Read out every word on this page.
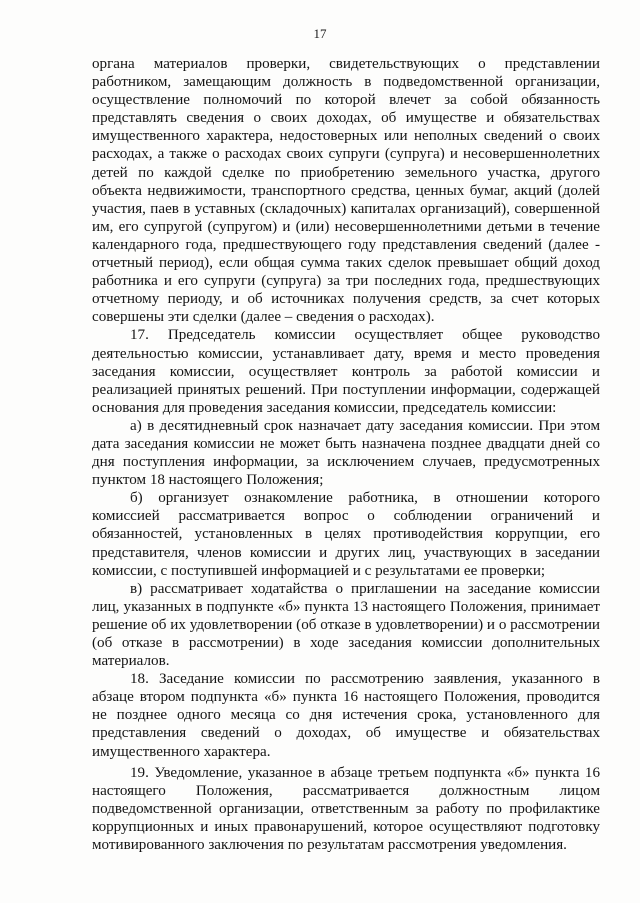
17

органа материалов проверки, свидетельствующих о представлении работником, замещающим должность в подведомственной организации, осуществление полномочий по которой влечет за собой обязанность представлять сведения о своих доходах, об имуществе и обязательствах имущественного характера, недостоверных или неполных сведений о своих расходах, а также о расходах своих супруги (супруга) и несовершеннолетних детей по каждой сделке по приобретению земельного участка, другого объекта недвижимости, транспортного средства, ценных бумаг, акций (долей участия, паев в уставных (складочных) капиталах организаций), совершенной им, его супругой (супругом) и (или) несовершеннолетними детьми в течение календарного года, предшествующего году представления сведений (далее - отчетный период), если общая сумма таких сделок превышает общий доход работника и его супруги (супруга) за три последних года, предшествующих отчетному периоду, и об источниках получения средств, за счет которых совершены эти сделки (далее – сведения о расходах).

17. Председатель комиссии осуществляет общее руководство деятельностью комиссии, устанавливает дату, время и место проведения заседания комиссии, осуществляет контроль за работой комиссии и реализацией принятых решений. При поступлении информации, содержащей основания для проведения заседания комиссии, председатель комиссии:

а) в десятидневный срок назначает дату заседания комиссии. При этом дата заседания комиссии не может быть назначена позднее двадцати дней со дня поступления информации, за исключением случаев, предусмотренных пунктом 18 настоящего Положения;

б) организует ознакомление работника, в отношении которого комиссией рассматривается вопрос о соблюдении ограничений и обязанностей, установленных в целях противодействия коррупции, его представителя, членов комиссии и других лиц, участвующих в заседании комиссии, с поступившей информацией и с результатами ее проверки;

в) рассматривает ходатайства о приглашении на заседание комиссии лиц, указанных в подпункте «б» пункта 13 настоящего Положения, принимает решение об их удовлетворении (об отказе в удовлетворении) и о рассмотрении (об отказе в рассмотрении) в ходе заседания комиссии дополнительных материалов.

18. Заседание комиссии по рассмотрению заявления, указанного в абзаце втором подпункта «б» пункта 16 настоящего Положения, проводится не позднее одного месяца со дня истечения срока, установленного для представления сведений о доходах, об имуществе и обязательствах имущественного характера.

19. Уведомление, указанное в абзаце третьем подпункта «б» пункта 16 настоящего Положения, рассматривается должностным лицом подведомственной организации, ответственным за работу по профилактике коррупционных и иных правонарушений, которое осуществляют подготовку мотивированного заключения по результатам рассмотрения уведомления.
